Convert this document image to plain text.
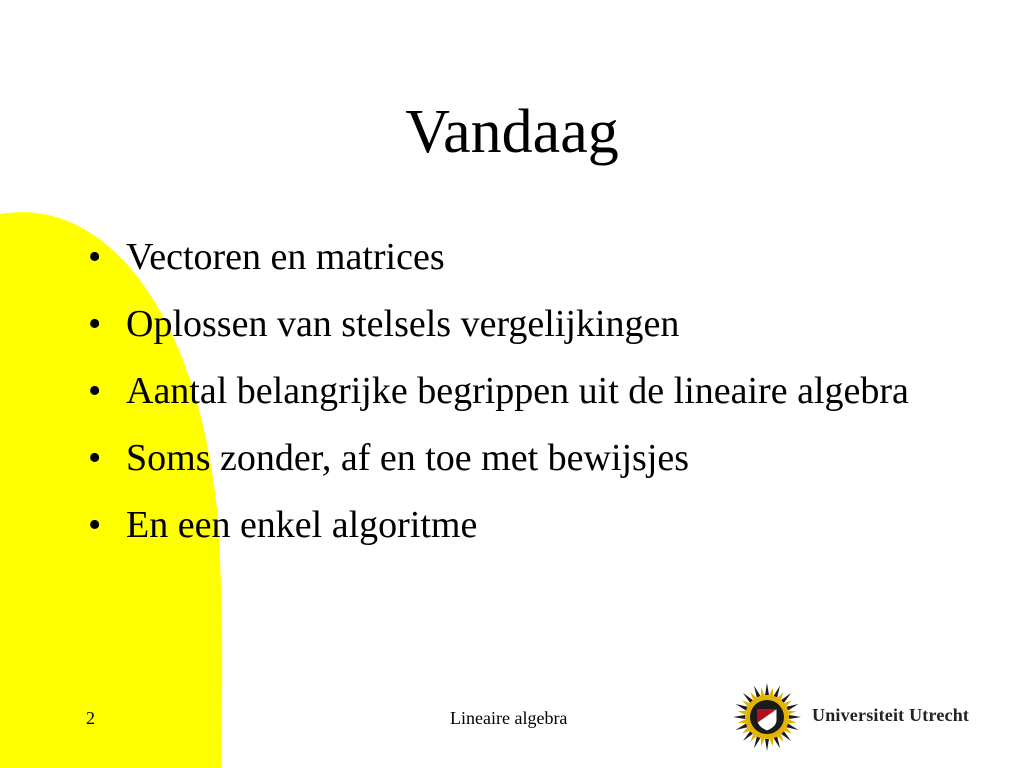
Vandaag
• Vectoren en matrices
• Oplossen van stelsels vergelijkingen
• Aantal belangrijke begrippen uit de lineaire algebra
• Soms zonder, af en toe met bewijsjes
• En een enkel algoritme
2	Lineaire algebra	Universiteit Utrecht
